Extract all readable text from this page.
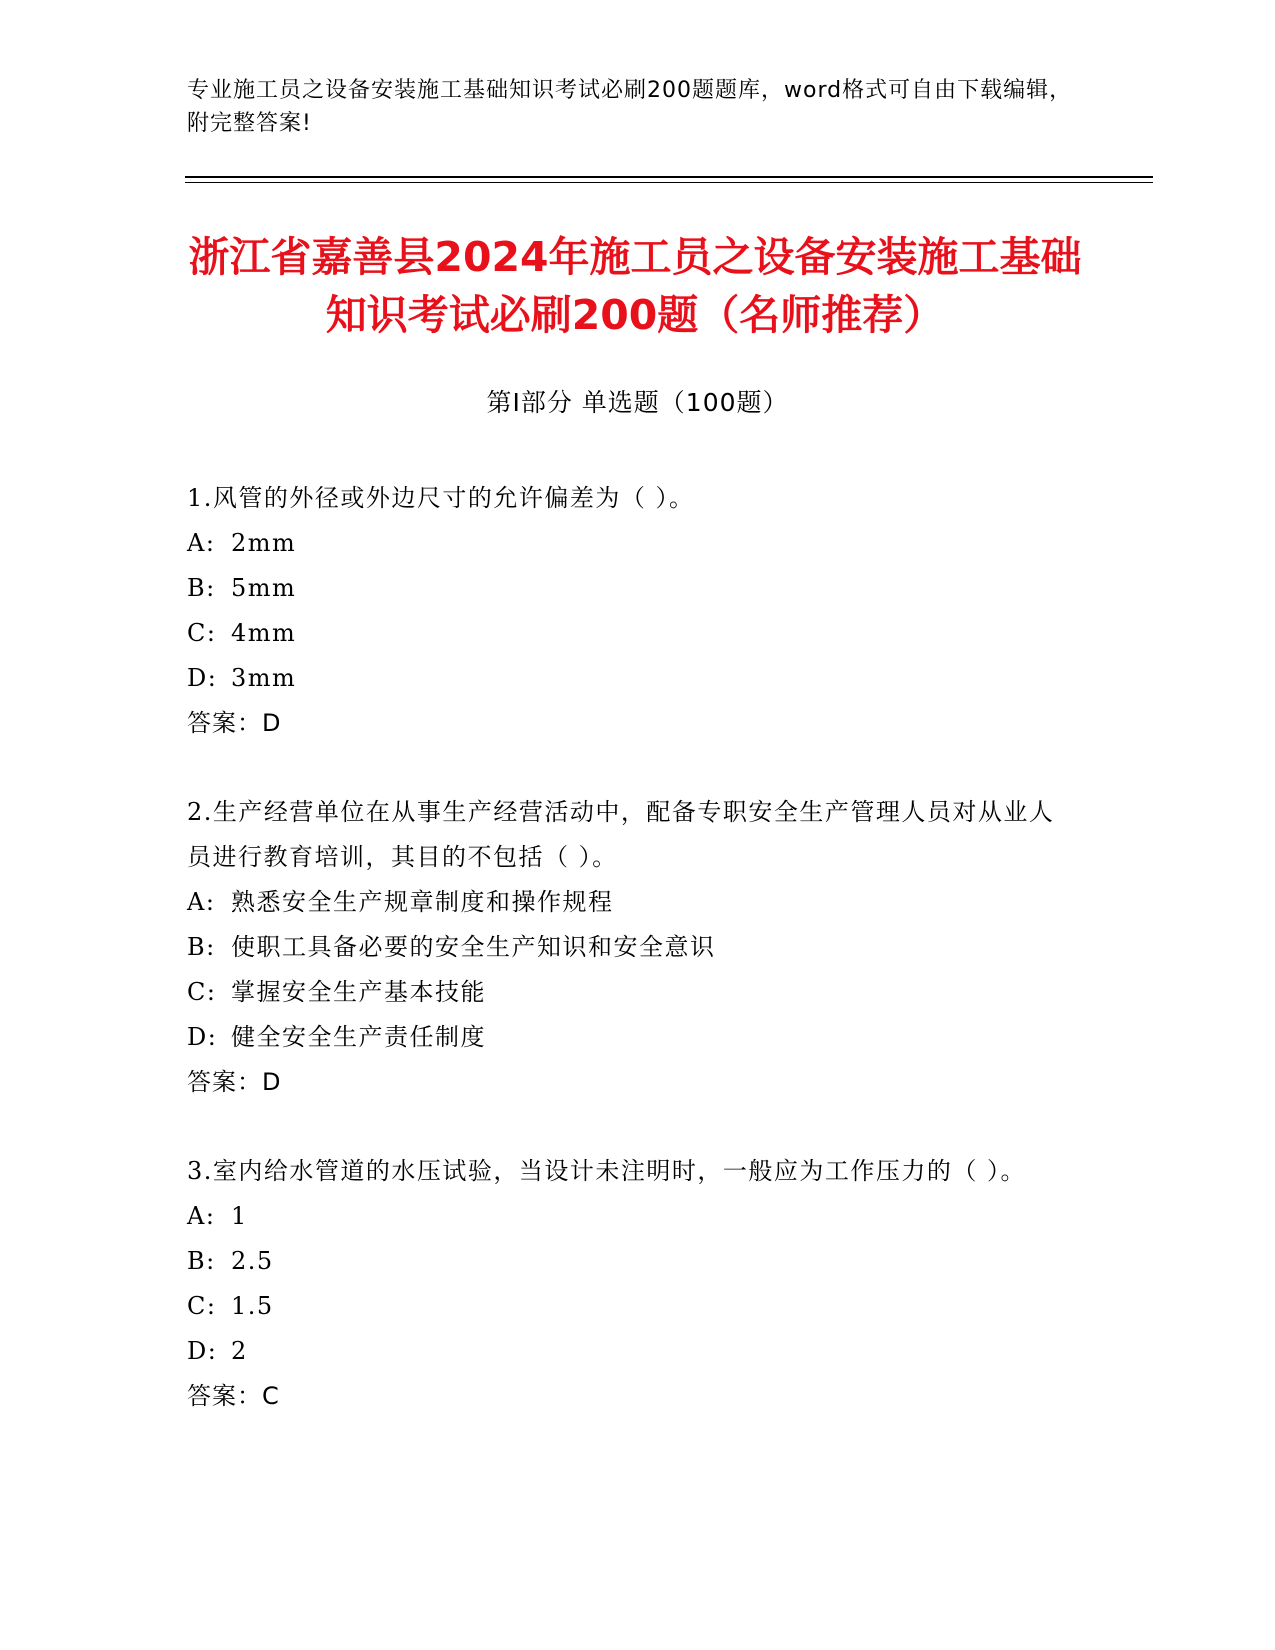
专业施工员之设备安装施工基础知识考试必刷200题题库，word格式可自由下载编辑，附完整答案!
浙江省嘉善县2024年施工员之设备安装施工基础知识考试必刷200题（名师推荐）
第Ⅰ部分 单选题（100题）
1.风管的外径或外边尺寸的允许偏差为（ ）。
A: 2mm
B: 5mm
C: 4mm
D: 3mm
答案：D
2.生产经营单位在从事生产经营活动中，配备专职安全生产管理人员对从业人员进行教育培训，其目的不包括（ ）。
A: 熟悉安全生产规章制度和操作规程
B: 使职工具备必要的安全生产知识和安全意识
C: 掌握安全生产基本技能
D: 健全安全生产责任制度
答案：D
3.室内给水管道的水压试验，当设计未注明时，一般应为工作压力的（ ）。
A: 1
B: 2.5
C: 1.5
D: 2
答案：C
